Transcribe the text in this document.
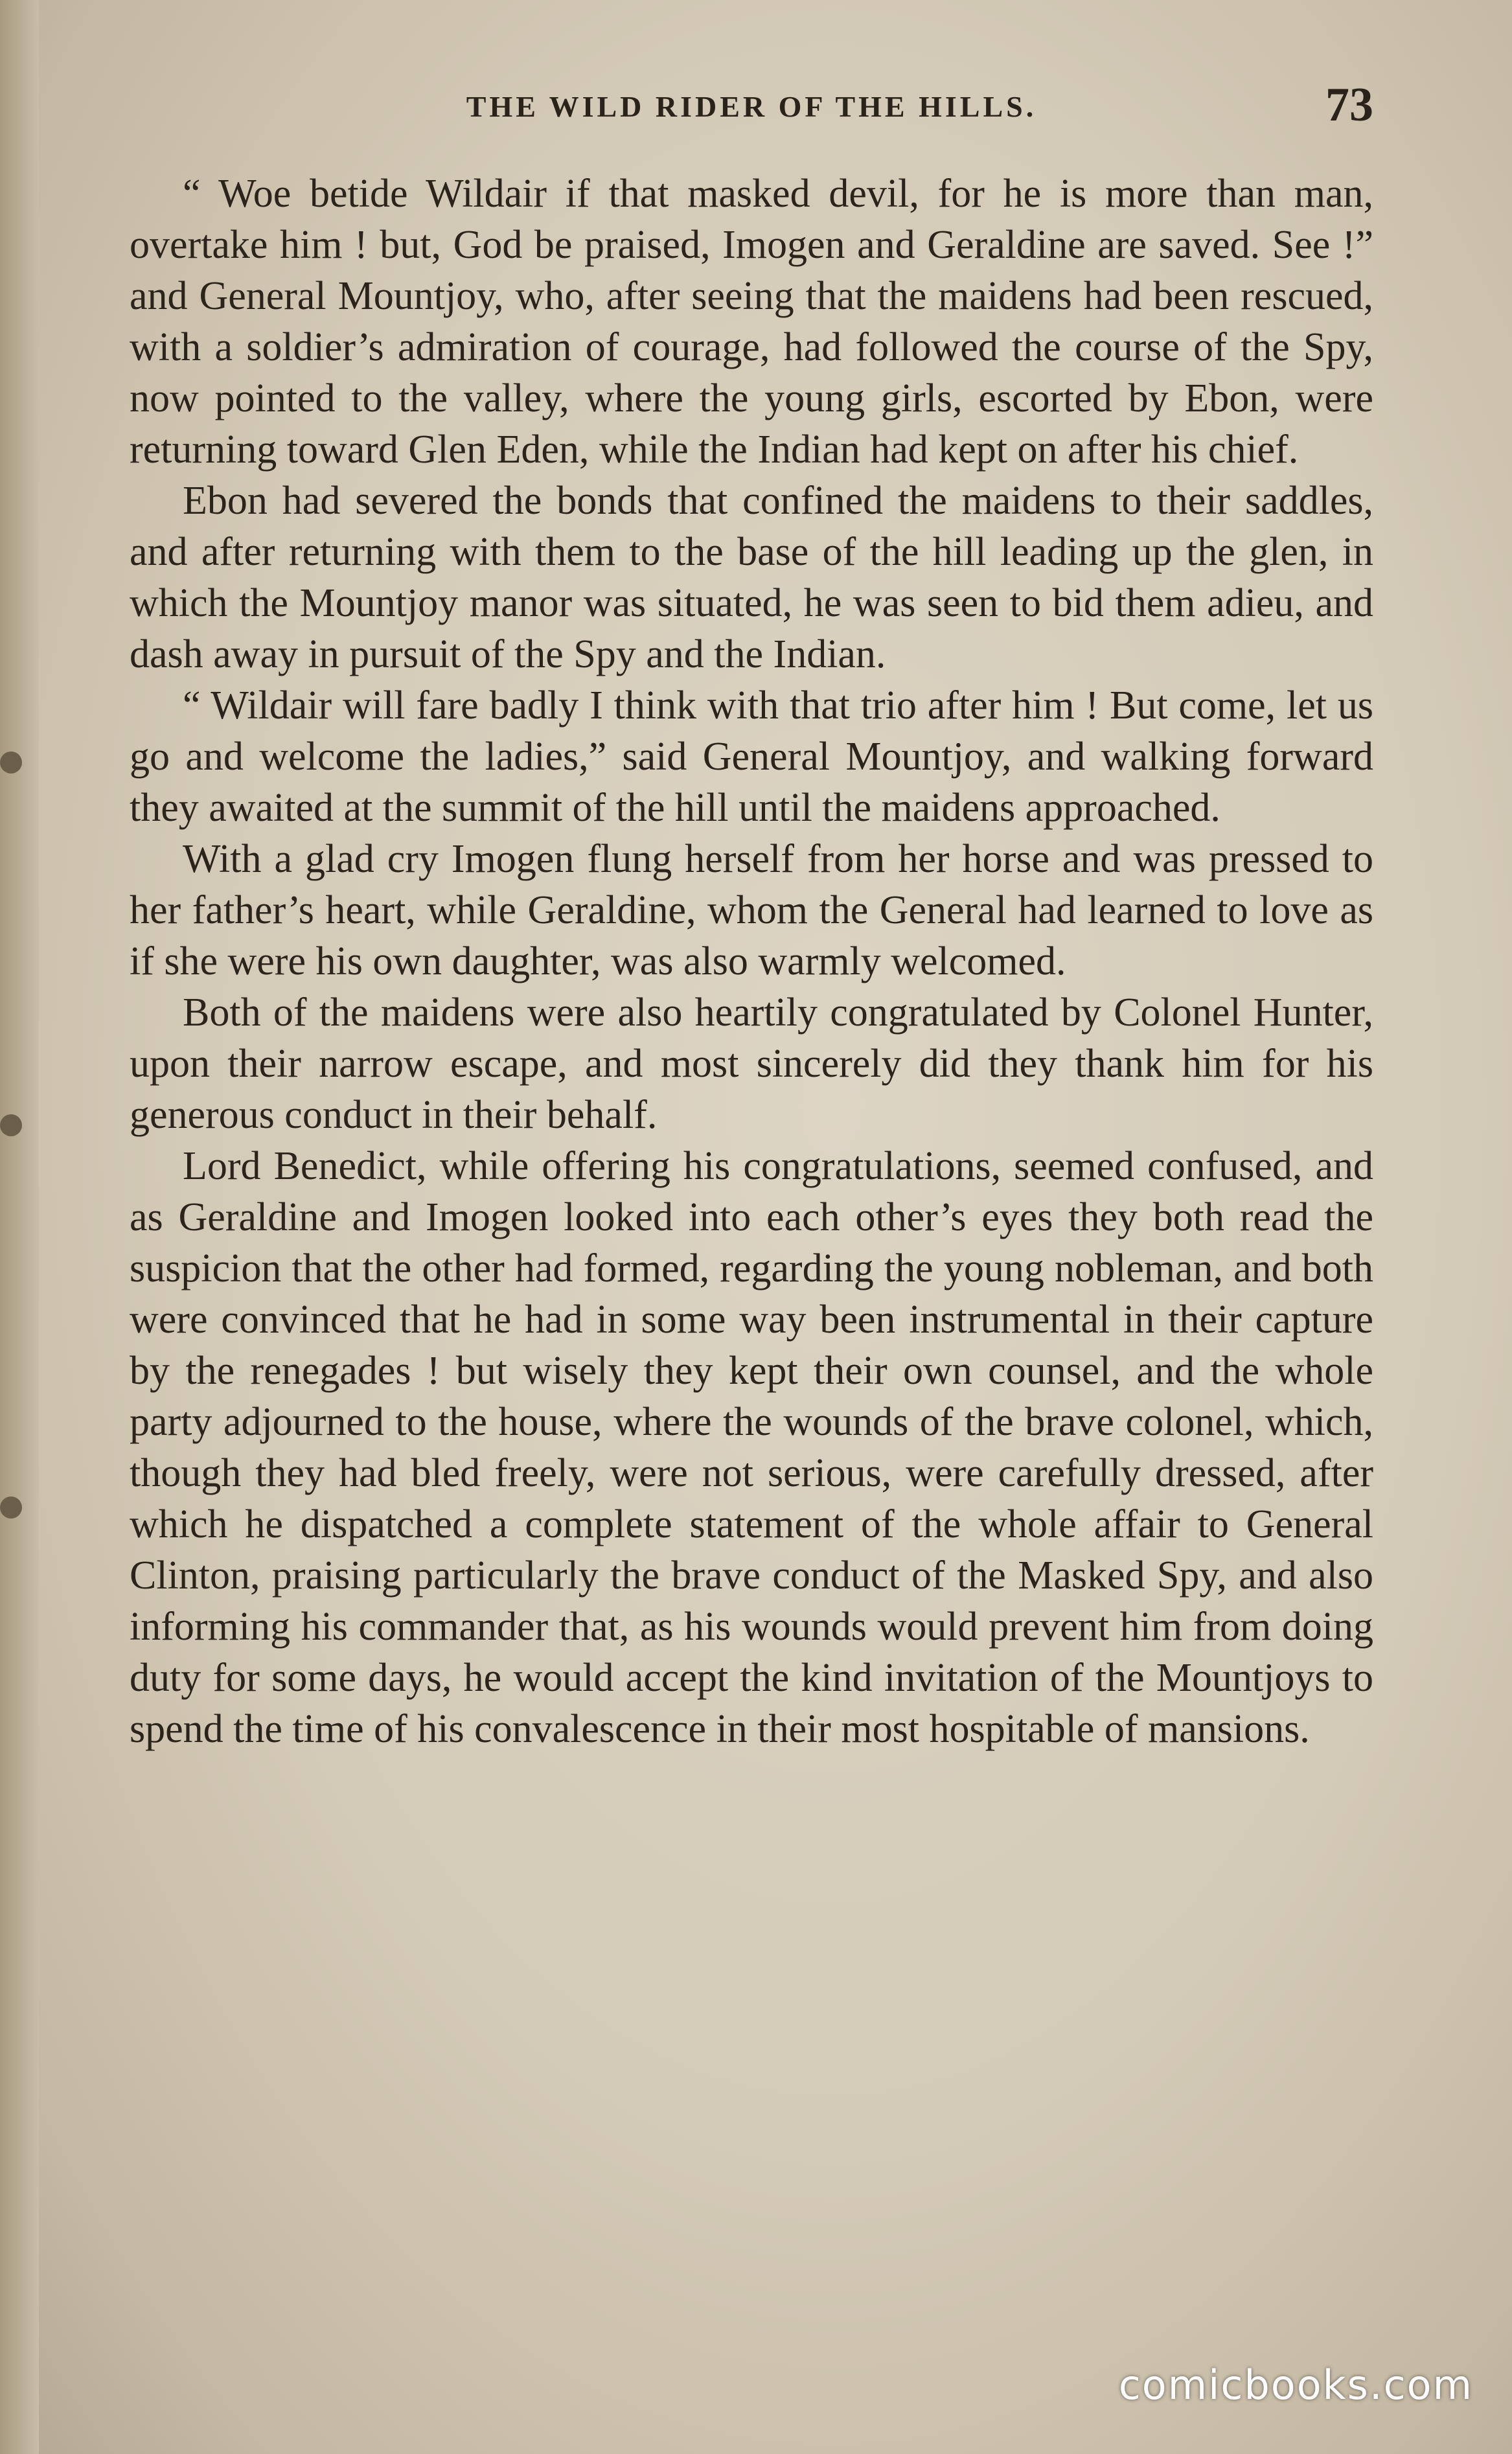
THE WILD RIDER OF THE HILLS.	73

“ Woe betide Wildair if that masked devil, for he is more than man, overtake him ! but, God be praised, Imogen and Geraldine are saved. See !” and General Mountjoy, who, after seeing that the maidens had been rescued, with a soldier’s admiration of courage, had followed the course of the Spy, now pointed to the valley, where the young girls, escorted by Ebon, were returning toward Glen Eden, while the Indian had kept on after his chief.

Ebon had severed the bonds that confined the maidens to their saddles, and after returning with them to the base of the hill leading up the glen, in which the Mountjoy manor was situated, he was seen to bid them adieu, and dash away in pursuit of the Spy and the Indian.

“ Wildair will fare badly I think with that trio after him ! But come, let us go and welcome the ladies,” said General Mountjoy, and walking forward they awaited at the summit of the hill until the maidens approached.

With a glad cry Imogen flung herself from her horse and was pressed to her father’s heart, while Geraldine, whom the General had learned to love as if she were his own daughter, was also warmly welcomed.

Both of the maidens were also heartily congratulated by Colonel Hunter, upon their narrow escape, and most sincerely did they thank him for his generous conduct in their behalf.

Lord Benedict, while offering his congratulations, seemed confused, and as Geraldine and Imogen looked into each other’s eyes they both read the suspicion that the other had formed, regarding the young nobleman, and both were convinced that he had in some way been instrumental in their capture by the renegades ! but wisely they kept their own counsel, and the whole party adjourned to the house, where the wounds of the brave colonel, which, though they had bled freely, were not serious, were carefully dressed, after which he dispatched a complete statement of the whole affair to General Clinton, praising particularly the brave conduct of the Masked Spy, and also informing his commander that, as his wounds would prevent him from doing duty for some days, he would accept the kind invitation of the Mountjoys to spend the time of his convalescence in their most hospitable of mansions.

comicbooks.com
